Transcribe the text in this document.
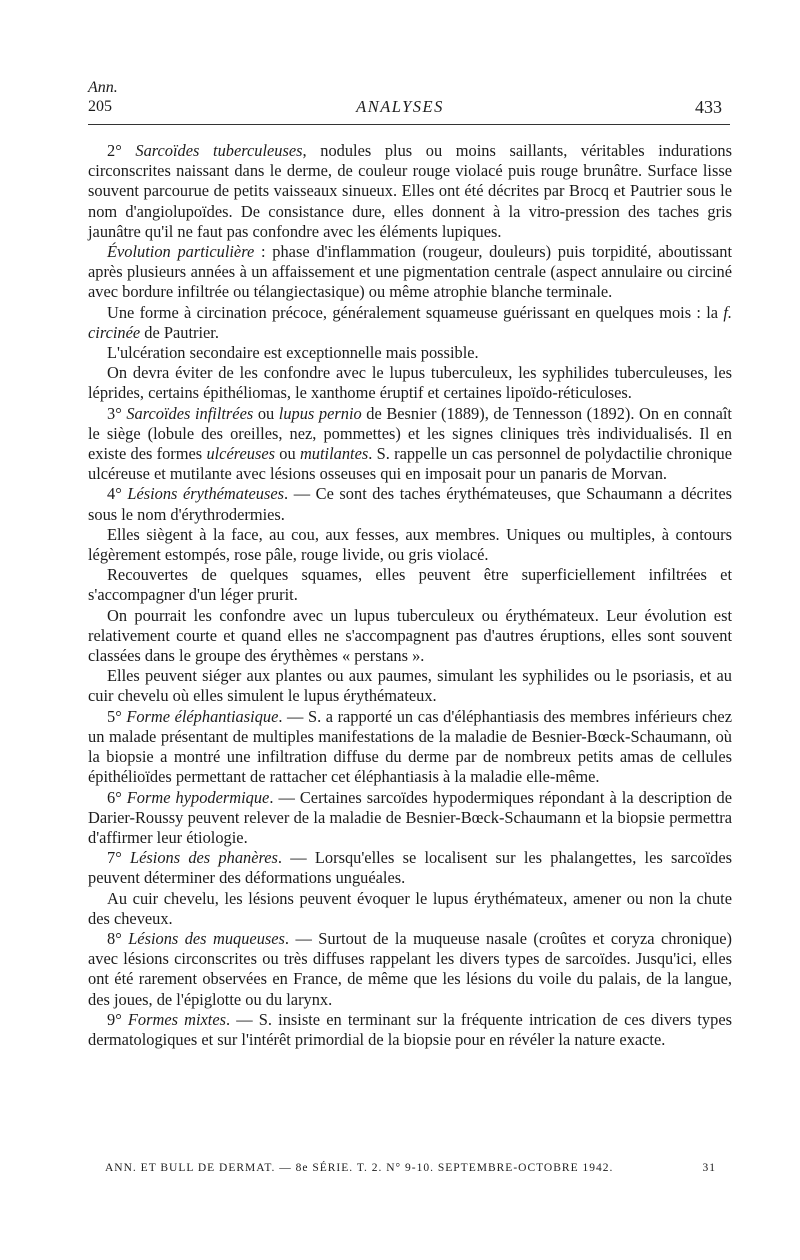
Ann.
205	ANALYSES	433

2° Sarcoïdes tuberculeuses, nodules plus ou moins saillants, véritables indurations circonscrites naissant dans le derme, de couleur rouge violacé puis rouge brunâtre. Surface lisse souvent parcourue de petits vaisseaux sinueux. Elles ont été décrites par Brocq et Pautrier sous le nom d'angiolupoïdes. De consistance dure, elles donnent à la vitro-pression des taches gris jaunâtre qu'il ne faut pas confondre avec les éléments lupiques.

Évolution particulière : phase d'inflammation (rougeur, douleurs) puis torpidité, aboutissant après plusieurs années à un affaissement et une pigmentation centrale (aspect annulaire ou circiné avec bordure infiltrée ou télangiectasique) ou même atrophie blanche terminale.

Une forme à circination précoce, généralement squameuse guérissant en quelques mois : la f. circinée de Pautrier.

L'ulcération secondaire est exceptionnelle mais possible.

On devra éviter de les confondre avec le lupus tuberculeux, les syphilides tuberculeuses, les léprides, certains épithéliomas, le xanthome éruptif et certaines lipoïdo-réticuloses.

3° Sarcoïdes infiltrées ou lupus pernio de Besnier (1889), de Tennesson (1892). On en connaît le siège (lobule des oreilles, nez, pommettes) et les signes cliniques très individualisés. Il en existe des formes ulcéreuses ou mutilantes. S. rappelle un cas personnel de polydactilie chronique ulcéreuse et mutilante avec lésions osseuses qui en imposait pour un panaris de Morvan.

4° Lésions érythémateuses. — Ce sont des taches érythémateuses, que Schaumann a décrites sous le nom d'érythrodermies.

Elles siègent à la face, au cou, aux fesses, aux membres. Uniques ou multiples, à contours légèrement estompés, rose pâle, rouge livide, ou gris violacé.

Recouvertes de quelques squames, elles peuvent être superficiellement infiltrées et s'accompagner d'un léger prurit.

On pourrait les confondre avec un lupus tuberculeux ou érythémateux. Leur évolution est relativement courte et quand elles ne s'accompagnent pas d'autres éruptions, elles sont souvent classées dans le groupe des érythèmes « perstans ».

Elles peuvent siéger aux plantes ou aux paumes, simulant les syphilides ou le psoriasis, et au cuir chevelu où elles simulent le lupus érythémateux.

5° Forme éléphantiasique. — S. a rapporté un cas d'éléphantiasis des membres inférieurs chez un malade présentant de multiples manifestations de la maladie de Besnier-Bœck-Schaumann, où la biopsie a montré une infiltration diffuse du derme par de nombreux petits amas de cellules épithélioïdes permettant de rattacher cet éléphantiasis à la maladie elle-même.

6° Forme hypodermique. — Certaines sarcoïdes hypodermiques répondant à la description de Darier-Roussy peuvent relever de la maladie de Besnier-Bœck-Schaumann et la biopsie permettra d'affirmer leur étiologie.

7° Lésions des phanères. — Lorsqu'elles se localisent sur les phalangettes, les sarcoïdes peuvent déterminer des déformations unguéales.

Au cuir chevelu, les lésions peuvent évoquer le lupus érythémateux, amener ou non la chute des cheveux.

8° Lésions des muqueuses. — Surtout de la muqueuse nasale (croûtes et coryza chronique) avec lésions circonscrites ou très diffuses rappelant les divers types de sarcoïdes. Jusqu'ici, elles ont été rarement observées en France, de même que les lésions du voile du palais, de la langue, des joues, de l'épiglotte ou du larynx.

9° Formes mixtes. — S. insiste en terminant sur la fréquente intrication de ces divers types dermatologiques et sur l'intérêt primordial de la biopsie pour en révéler la nature exacte.

ANN. ET BULL DE DERMAT. — 8e SÉRIE. T. 2. N° 9-10. SEPTEMBRE-OCTOBRE 1942.	31
